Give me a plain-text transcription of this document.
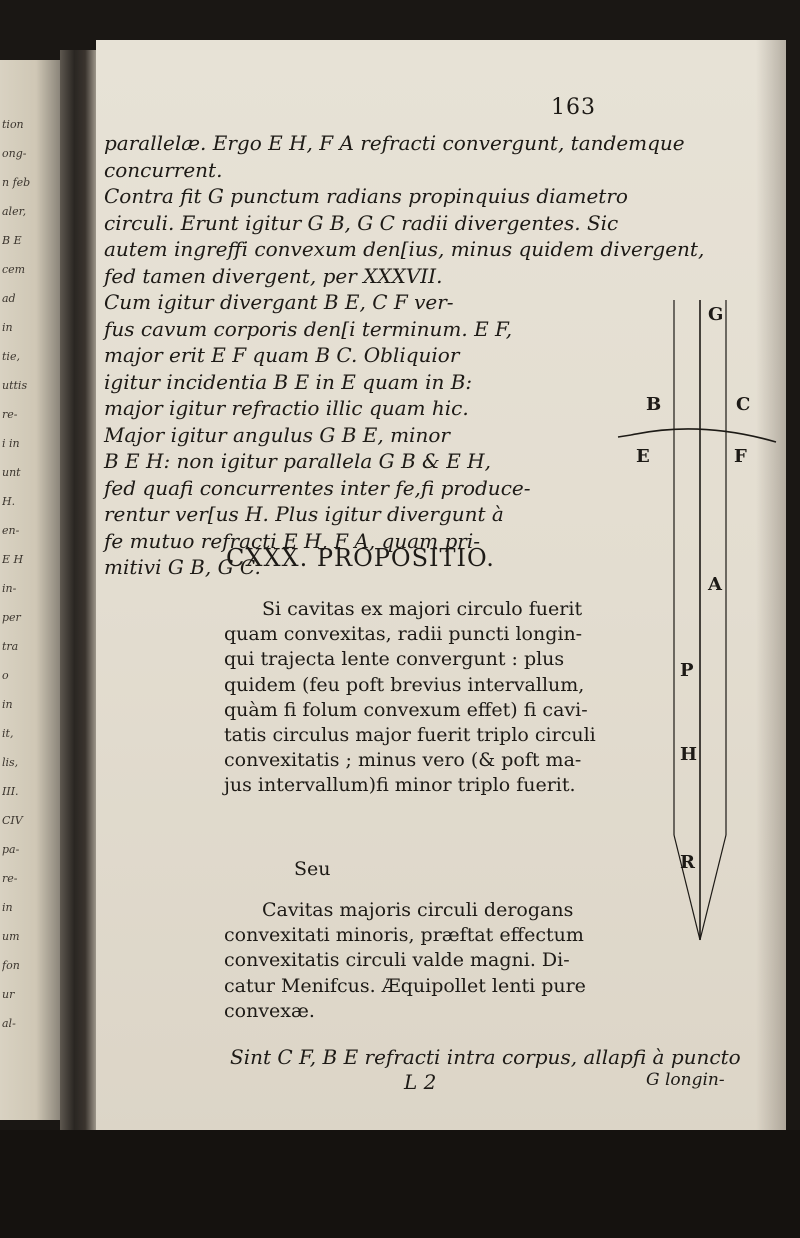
163
parallelæ. Ergo E H, F A refracti convergunt, tandemque
concurrent.
Contra fit G punctum radians propinquius diametro
circuli. Erunt igitur G B, G C radii divergentes. Sic
autem ingreffi convexum den[ius, minus quidem divergent,
fed tamen divergent, per XXXVII.
Cum igitur divergant B E, C F ver-
fus cavum corporis den[i terminum. E F,
major erit E F quam B C. Obliquior
igitur incidentia B E in E quam in B:
major igitur refractio illic quam hic.
Major igitur angulus G B E, minor
B E H: non igitur parallela G B & E H,
fed quafi concurrentes inter fe,fi produce-
rentur ver[us H. Plus igitur divergunt à
fe mutuo refracti E H, F A, quam pri-
mitivi G B, G C.
CXXX. PROPOSITIO.
Si cavitas ex majori circulo fuerit
quam convexitas, radii puncti longin-
qui trajecta lente convergunt : plus
quidem (feu poft brevius intervallum,
quàm fi folum convexum effet) fi cavi-
tatis circulus major fuerit triplo circuli
convexitatis ; minus vero (& poft ma-
jus intervallum)fi minor triplo fuerit.
Seu
Cavitas majoris circuli derogans
convexitati minoris, præftat effectum
convexitatis circuli valde magni. Di-
catur Menifcus. Æquipollet lenti pure
convexæ.
Sint C F, B E refracti intra corpus, allapfi à puncto
L 2	G longin-
G
B	C
E	F
A
P
H
R
tion
ong-
n feb
aler,
B E
cem
ad
in
tie,
uttis
re-
i in
unt
H.
en-
E H
in-
per
tra
o
in
it,
lis,
III.
CIV
pa-
re-
in
um
fon
ur
al-
